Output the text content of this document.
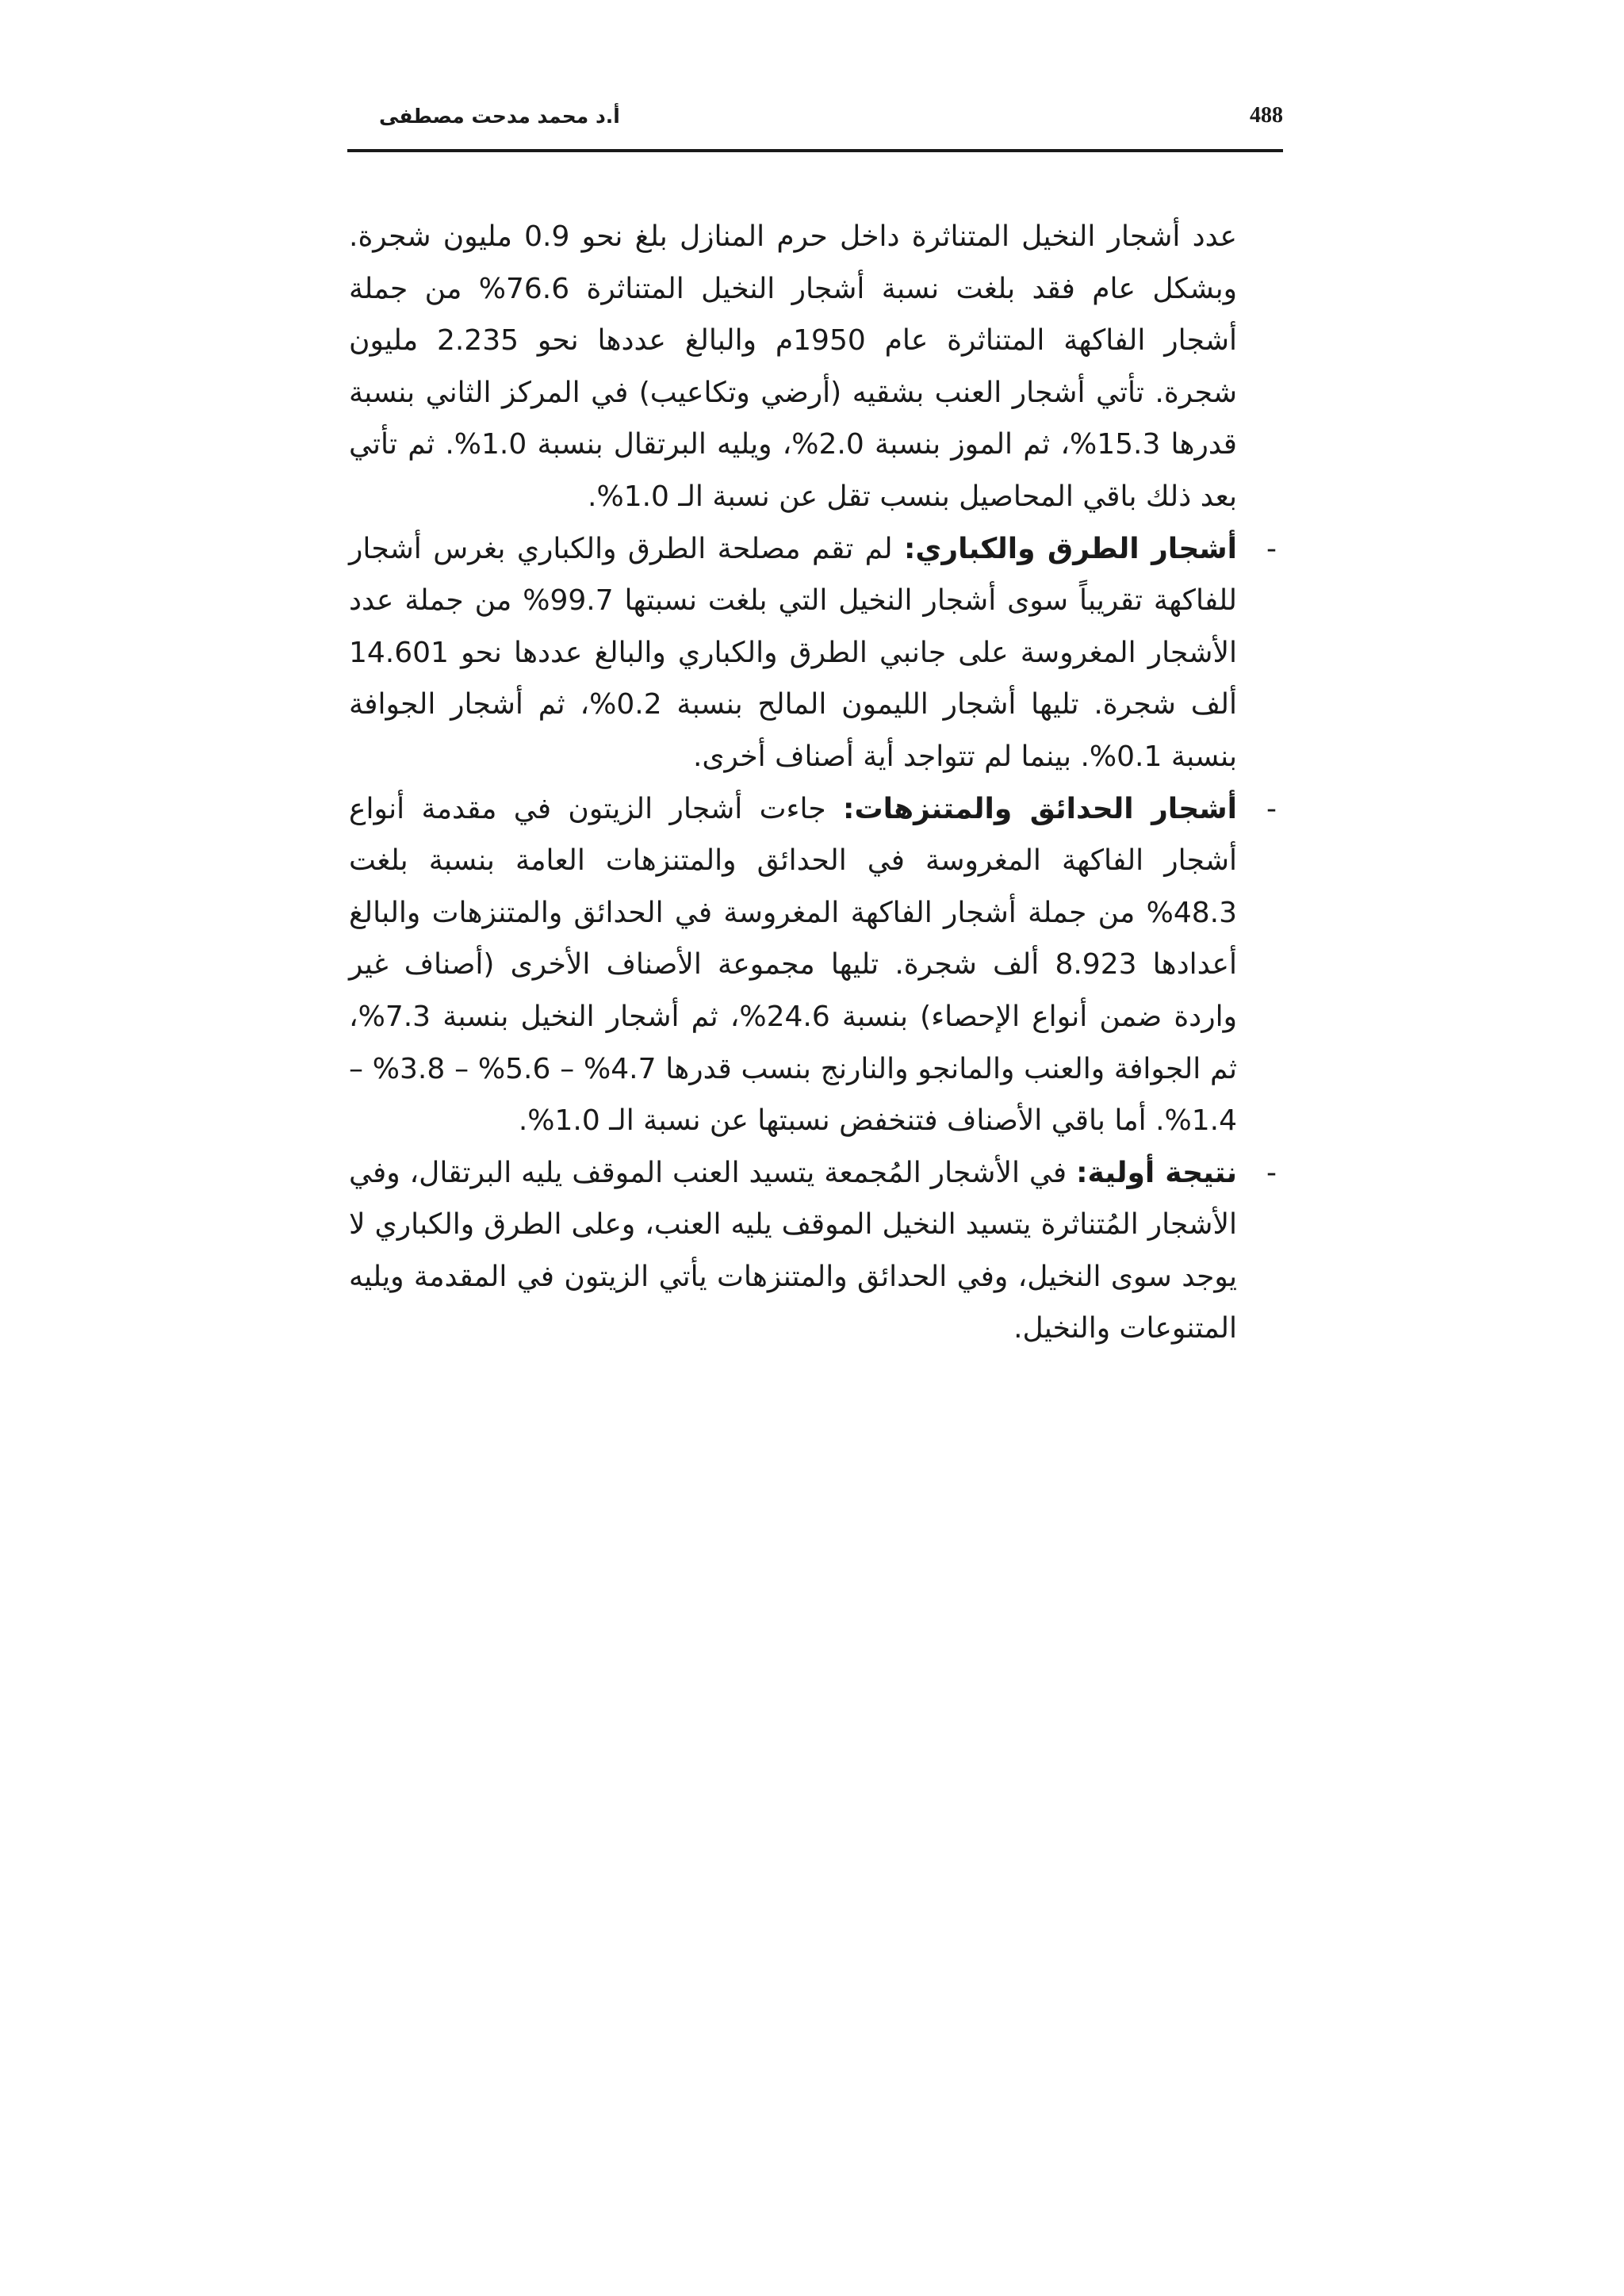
488
أ.د محمد مدحت مصطفى

عدد أشجار النخيل المتناثرة داخل حرم المنازل بلغ نحو 0.9 مليون شجرة. وبشكل عام فقد بلغت نسبة أشجار النخيل المتناثرة 76.6% من جملة أشجار الفاكهة المتناثرة عام 1950م والبالغ عددها نحو 2.235 مليون شجرة. تأتي أشجار العنب بشقيه (أرضي وتكاعيب) في المركز الثاني بنسبة قدرها 15.3%، ثم الموز بنسبة 2.0%، ويليه البرتقال بنسبة 1.0%. ثم تأتي بعد ذلك باقي المحاصيل بنسب تقل عن نسبة الـ 1.0%.

-
أشجار الطرق والكباري: لم تقم مصلحة الطرق والكباري بغرس أشجار للفاكهة تقريباً سوى أشجار النخيل التي بلغت نسبتها 99.7% من جملة عدد الأشجار المغروسة على جانبي الطرق والكباري والبالغ عددها نحو 14.601 ألف شجرة. تليها أشجار الليمون المالح بنسبة 0.2%، ثم أشجار الجوافة بنسبة 0.1%. بينما لم تتواجد أية أصناف أخرى.
-
أشجار الحدائق والمتنزهات: جاءت أشجار الزيتون في مقدمة أنواع أشجار الفاكهة المغروسة في الحدائق والمتنزهات العامة بنسبة بلغت 48.3% من جملة أشجار الفاكهة المغروسة في الحدائق والمتنزهات والبالغ أعدادها 8.923 ألف شجرة. تليها مجموعة الأصناف الأخرى (أصناف غير واردة ضمن أنواع الإحصاء) بنسبة 24.6%، ثم أشجار النخيل بنسبة 7.3%، ثم الجوافة والعنب والمانجو والنارنج بنسب قدرها 4.7% – 5.6% – 3.8% – 1.4%. أما باقي الأصناف فتنخفض نسبتها عن نسبة الـ 1.0%.
-
نتيجة أولية: في الأشجار المُجمعة يتسيد العنب الموقف يليه البرتقال، وفي الأشجار المُتناثرة يتسيد النخيل الموقف يليه العنب، وعلى الطرق والكباري لا يوجد سوى النخيل، وفي الحدائق والمتنزهات يأتي الزيتون في المقدمة ويليه المتنوعات والنخيل.
